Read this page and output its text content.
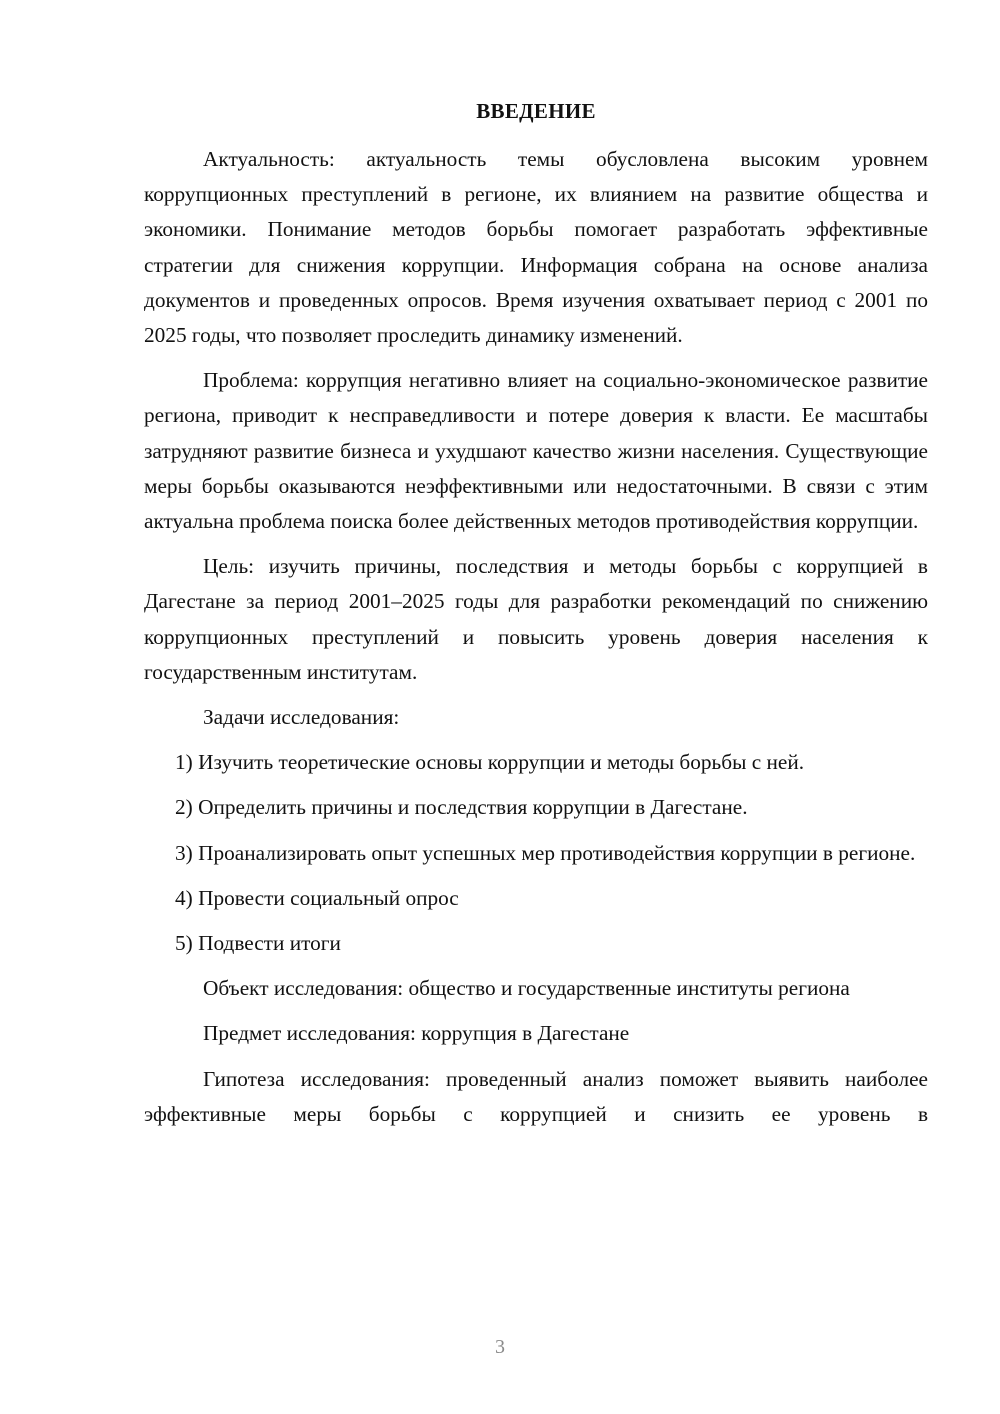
ВВЕДЕНИЕ

Актуальность: актуальность темы обусловлена высоким уровнем коррупционных преступлений в регионе, их влиянием на развитие общества и экономики. Понимание методов борьбы помогает разработать эффективные стратегии для снижения коррупции. Информация собрана на основе анализа документов и проведенных опросов. Время изучения охватывает период с 2001 по 2025 годы, что позволяет проследить динамику изменений.

Проблема: коррупция негативно влияет на социально-экономическое развитие региона, приводит к несправедливости и потере доверия к власти. Ее масштабы затрудняют развитие бизнеса и ухудшают качество жизни населения. Существующие меры борьбы оказываются неэффективными или недостаточными. В связи с этим актуальна проблема поиска более действенных методов противодействия коррупции.

Цель: изучить причины, последствия и методы борьбы с коррупцией в Дагестане за период 2001–2025 годы для разработки рекомендаций по снижению коррупционных преступлений и повысить уровень доверия населения к государственным институтам.

Задачи исследования:

1) Изучить теоретические основы коррупции и методы борьбы с ней.

2) Определить причины и последствия коррупции в Дагестане.

3) Проанализировать опыт успешных мер противодействия коррупции в регионе.

4) Провести социальный опрос

5) Подвести итоги

Объект исследования: общество и государственные институты региона

Предмет исследования: коррупция в Дагестане

Гипотеза исследования: проведенный анализ поможет выявить наиболее эффективные меры борьбы с коррупцией и снизить ее уровень в

3
